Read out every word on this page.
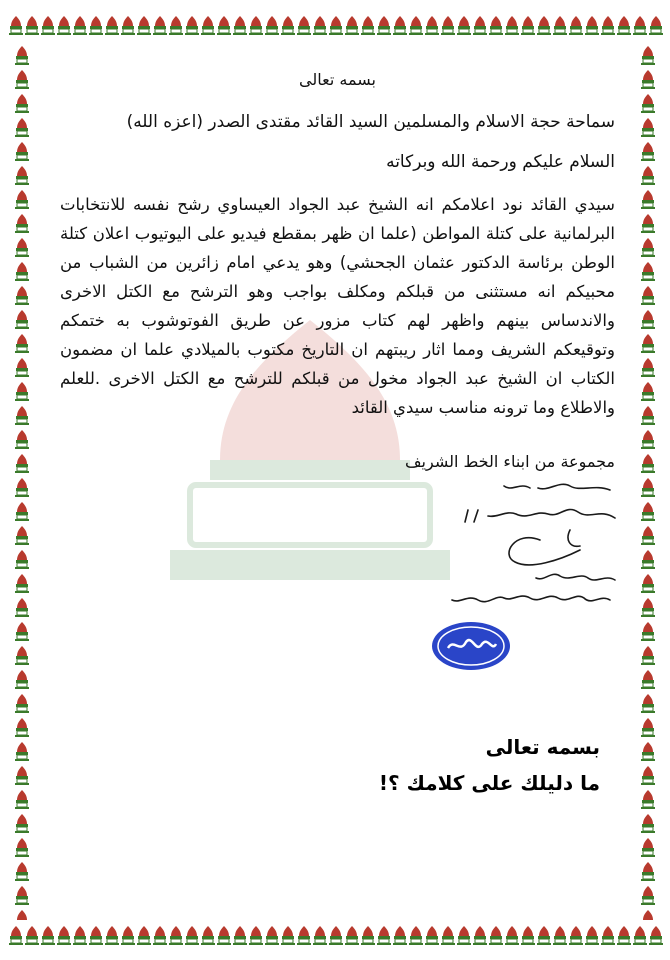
بسمه تعالى
سماحة حجة الاسلام والمسلمين السيد القائد مقتدى الصدر (اعزه الله)
السلام عليكم ورحمة الله وبركاته

سيدي القائد نود اعلامكم انه الشيخ عبد الجواد العيساوي رشح نفسه للانتخابات البرلمانية على كتلة المواطن (علما ان ظهر بمقطع فيديو على اليوتيوب اعلان كتلة الوطن برئاسة الدكتور عثمان الجحشي) وهو يدعي امام زائرين من الشباب من محبيكم انه مستثنى من قبلكم ومكلف بواجب وهو الترشح مع الكتل الاخرى والاندساس بينهم واظهر لهم كتاب مزور عن طريق الفوتوشوب به ختمكم وتوقيعكم الشريف ومما اثار ريبتهم ان التاريخ مكتوب بالميلادي علما ان مضمون الكتاب ان الشيخ عبد الجواد مخول من قبلكم للترشح مع الكتل الاخرى .للعلم والاطلاع وما ترونه مناسب سيدي القائد

مجموعة من ابناء الخط الشريف

بسمه تعالى

ما دليلك على كلامك ؟!
